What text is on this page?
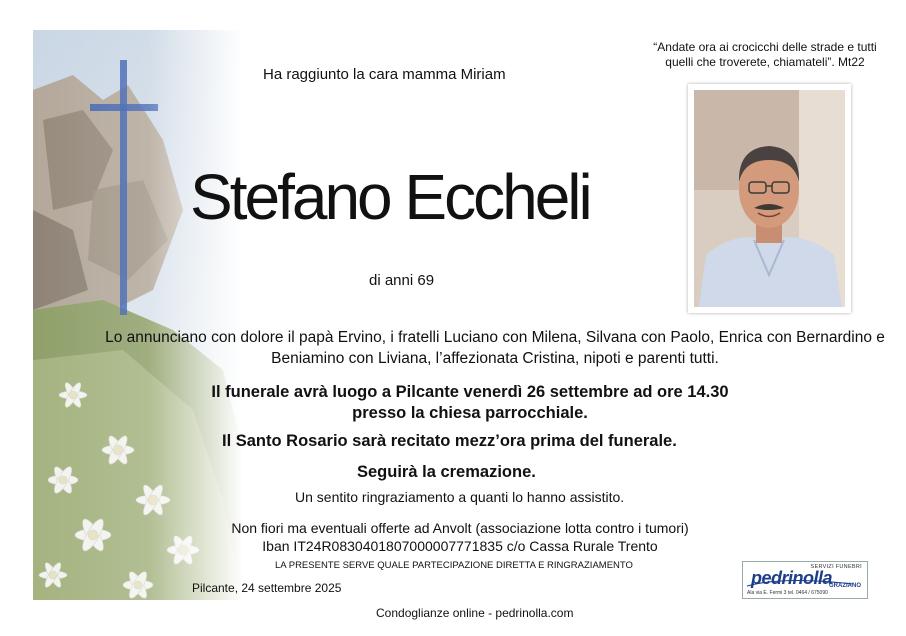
Ha raggiunto la cara mamma Miriam
“Andate ora ai crocicchi delle strade e tutti quelli che troverete, chiamateli”. Mt22
Stefano Eccheli
di anni 69
Lo annunciano con dolore il papà Ervino, i fratelli Luciano con Milena, Silvana con Paolo, Enrica con Bernardino e Beniamino con Liviana, l’affezionata Cristina, nipoti e parenti tutti.
Il funerale avrà luogo a Pilcante venerdì 26 settembre ad ore 14.30
presso la chiesa parrocchiale.
Il Santo Rosario sarà recitato mezz’ora prima del funerale.
Seguirà la cremazione.
Un sentito ringraziamento a quanti lo hanno assistito.
Non fiori ma eventuali offerte ad Anvolt (associazione lotta contro i tumori)
Iban IT24R0830401807000007771835 c/o Cassa Rurale Trento
LA PRESENTE SERVE QUALE PARTECIPAZIONE DIRETTA E RINGRAZIAMENTO
Pilcante, 24 settembre 2025
Condoglianze online - pedrinolla.com
SERVIZI FUNEBRI
pedrinolla
GRAZIANO
Ala via E. Fermi 3 tel. 0464 / 675090
